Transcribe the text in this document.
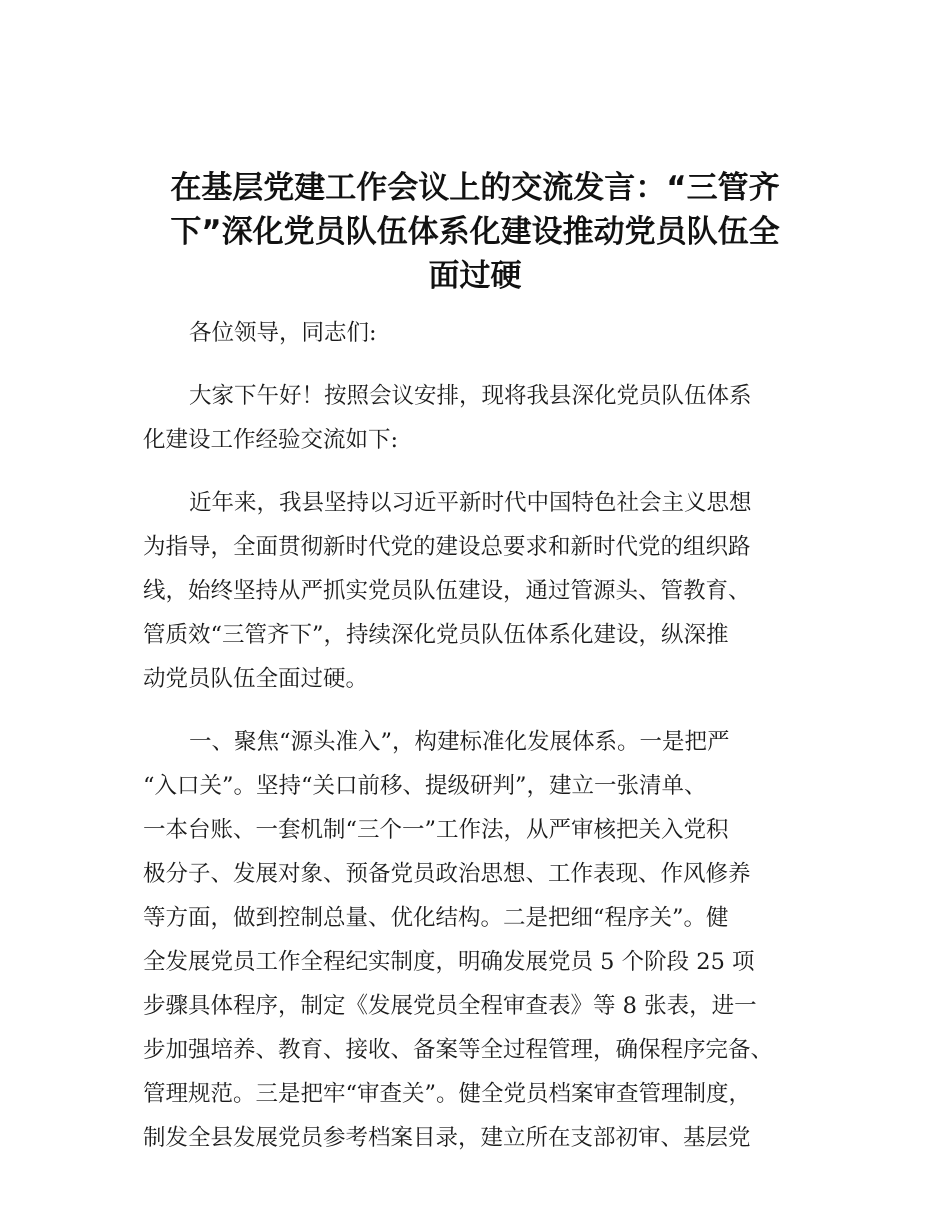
在基层党建工作会议上的交流发言：“三管齐
下”深化党员队伍体系化建设推动党员队伍全
面过硬

各位领导，同志们:

大家下午好！按照会议安排，现将我县深化党员队伍体系
化建设工作经验交流如下:

近年来，我县坚持以习近平新时代中国特色社会主义思想
为指导，全面贯彻新时代党的建设总要求和新时代党的组织路
线，始终坚持从严抓实党员队伍建设，通过管源头、管教育、
管质效“三管齐下”，持续深化党员队伍体系化建设，纵深推
动党员队伍全面过硬。

一、聚焦“源头准入”，构建标准化发展体系。一是把严
“入口关”。坚持“关口前移、提级研判”，建立一张清单、
一本台账、一套机制“三个一”工作法，从严审核把关入党积
极分子、发展对象、预备党员政治思想、工作表现、作风修养
等方面，做到控制总量、优化结构。二是把细“程序关”。健
全发展党员工作全程纪实制度，明确发展党员 5 个阶段 25 项
步骤具体程序，制定《发展党员全程审查表》等 8 张表，进一
步加强培养、教育、接收、备案等全过程管理，确保程序完备、
管理规范。三是把牢“审查关”。健全党员档案审查管理制度，
制发全县发展党员参考档案目录，建立所在支部初审、基层党
